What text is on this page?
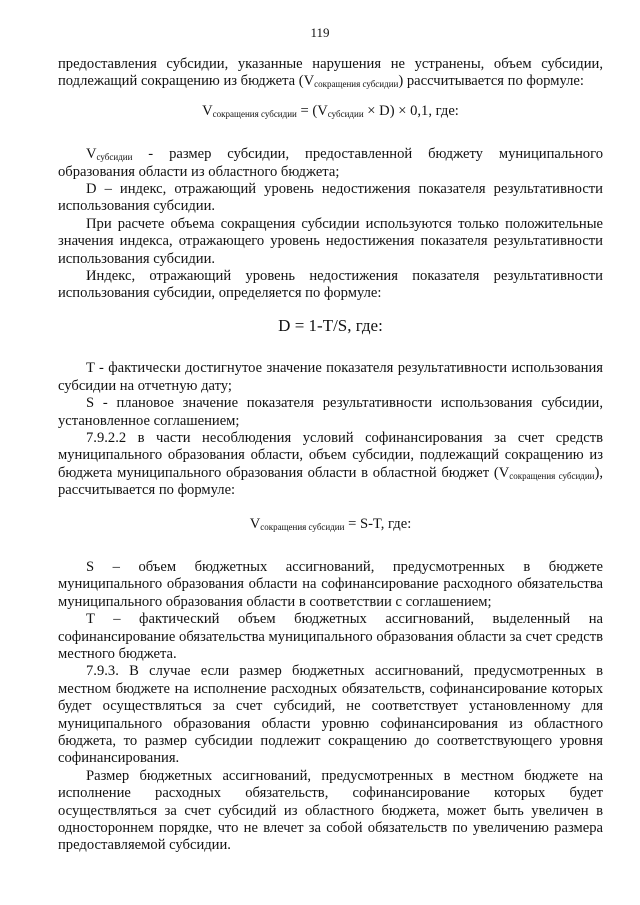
119

предоставления субсидии, указанные нарушения не устранены, объем субсидии, подлежащий сокращению из бюджета $(V_{сокращения субсидии})$ рассчитывается по формуле:

$V_{сокращения субсидии} = (V_{субсидии} \times D) \times 0,1$, где:

$V_{субсидии}$ - размер субсидии, предоставленной бюджету муниципального образования области из областного бюджета;

D – индекс, отражающий уровень недостижения показателя результативности использования субсидии.

При расчете объема сокращения субсидии используются только положительные значения индекса, отражающего уровень недостижения показателя результативности использования субсидии.

Индекс, отражающий уровень недостижения показателя результативности использования субсидии, определяется по формуле:

D = 1-T/S, где:

T - фактически достигнутое значение показателя результативности использования субсидии на отчетную дату;

S - плановое значение показателя результативности использования субсидии, установленное соглашением;

7.9.2.2 в части несоблюдения условий софинансирования за счет средств муниципального образования области, объем субсидии, подлежащий сокращению из бюджета муниципального образования области в областной бюджет $(V_{сокращения субсидии})$, рассчитывается по формуле:

$V_{сокращения субсидии} = S-T$, где:

S – объем бюджетных ассигнований, предусмотренных в бюджете муниципального образования области на софинансирование расходного обязательства муниципального образования области в соответствии с соглашением;

T – фактический объем бюджетных ассигнований, выделенный на софинансирование обязательства муниципального образования области за счет средств местного бюджета.

7.9.3. В случае если размер бюджетных ассигнований, предусмотренных в местном бюджете на исполнение расходных обязательств, софинансирование которых будет осуществляться за счет субсидий, не соответствует установленному для муниципального образования области уровню софинансирования из областного бюджета, то размер субсидии подлежит сокращению до соответствующего уровня софинансирования.

Размер бюджетных ассигнований, предусмотренных в местном бюджете на исполнение расходных обязательств, софинансирование которых будет осуществляться за счет субсидий из областного бюджета, может быть увеличен в одностороннем порядке, что не влечет за собой обязательств по увеличению размера предоставляемой субсидии.
